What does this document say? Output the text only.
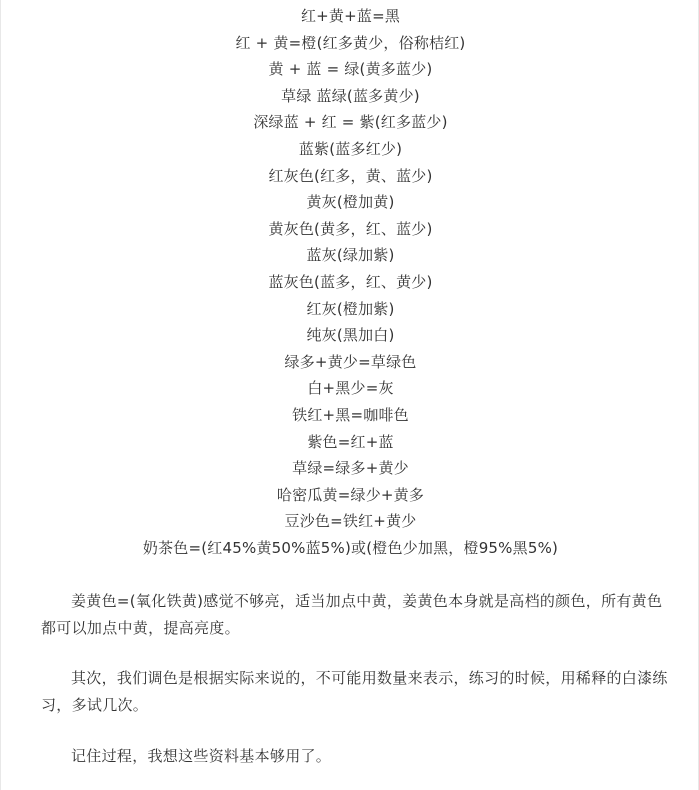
红+黄+蓝=黑
红 + 黄=橙(红多黄少，俗称桔红)
黄 + 蓝 = 绿(黄多蓝少)
草绿 蓝绿(蓝多黄少)
深绿蓝 + 红 = 紫(红多蓝少)
蓝紫(蓝多红少)
红灰色(红多，黄、蓝少)
黄灰(橙加黄)
黄灰色(黄多，红、蓝少)
蓝灰(绿加紫)
蓝灰色(蓝多，红、黄少)
红灰(橙加紫)
纯灰(黑加白)
绿多+黄少=草绿色
白+黑少=灰
铁红+黑=咖啡色
紫色=红+蓝
草绿=绿多+黄少
哈密瓜黄=绿少+黄多
豆沙色=铁红+黄少
奶茶色=(红45%黄50%蓝5%)或(橙色少加黑，橙95%黑5%)

姜黄色=(氧化铁黄)感觉不够亮，适当加点中黄，姜黄色本身就是高档的颜色，所有黄色都可以加点中黄，提高亮度。

其次，我们调色是根据实际来说的，不可能用数量来表示，练习的时候，用稀释的白漆练习，多试几次。

记住过程，我想这些资料基本够用了。
